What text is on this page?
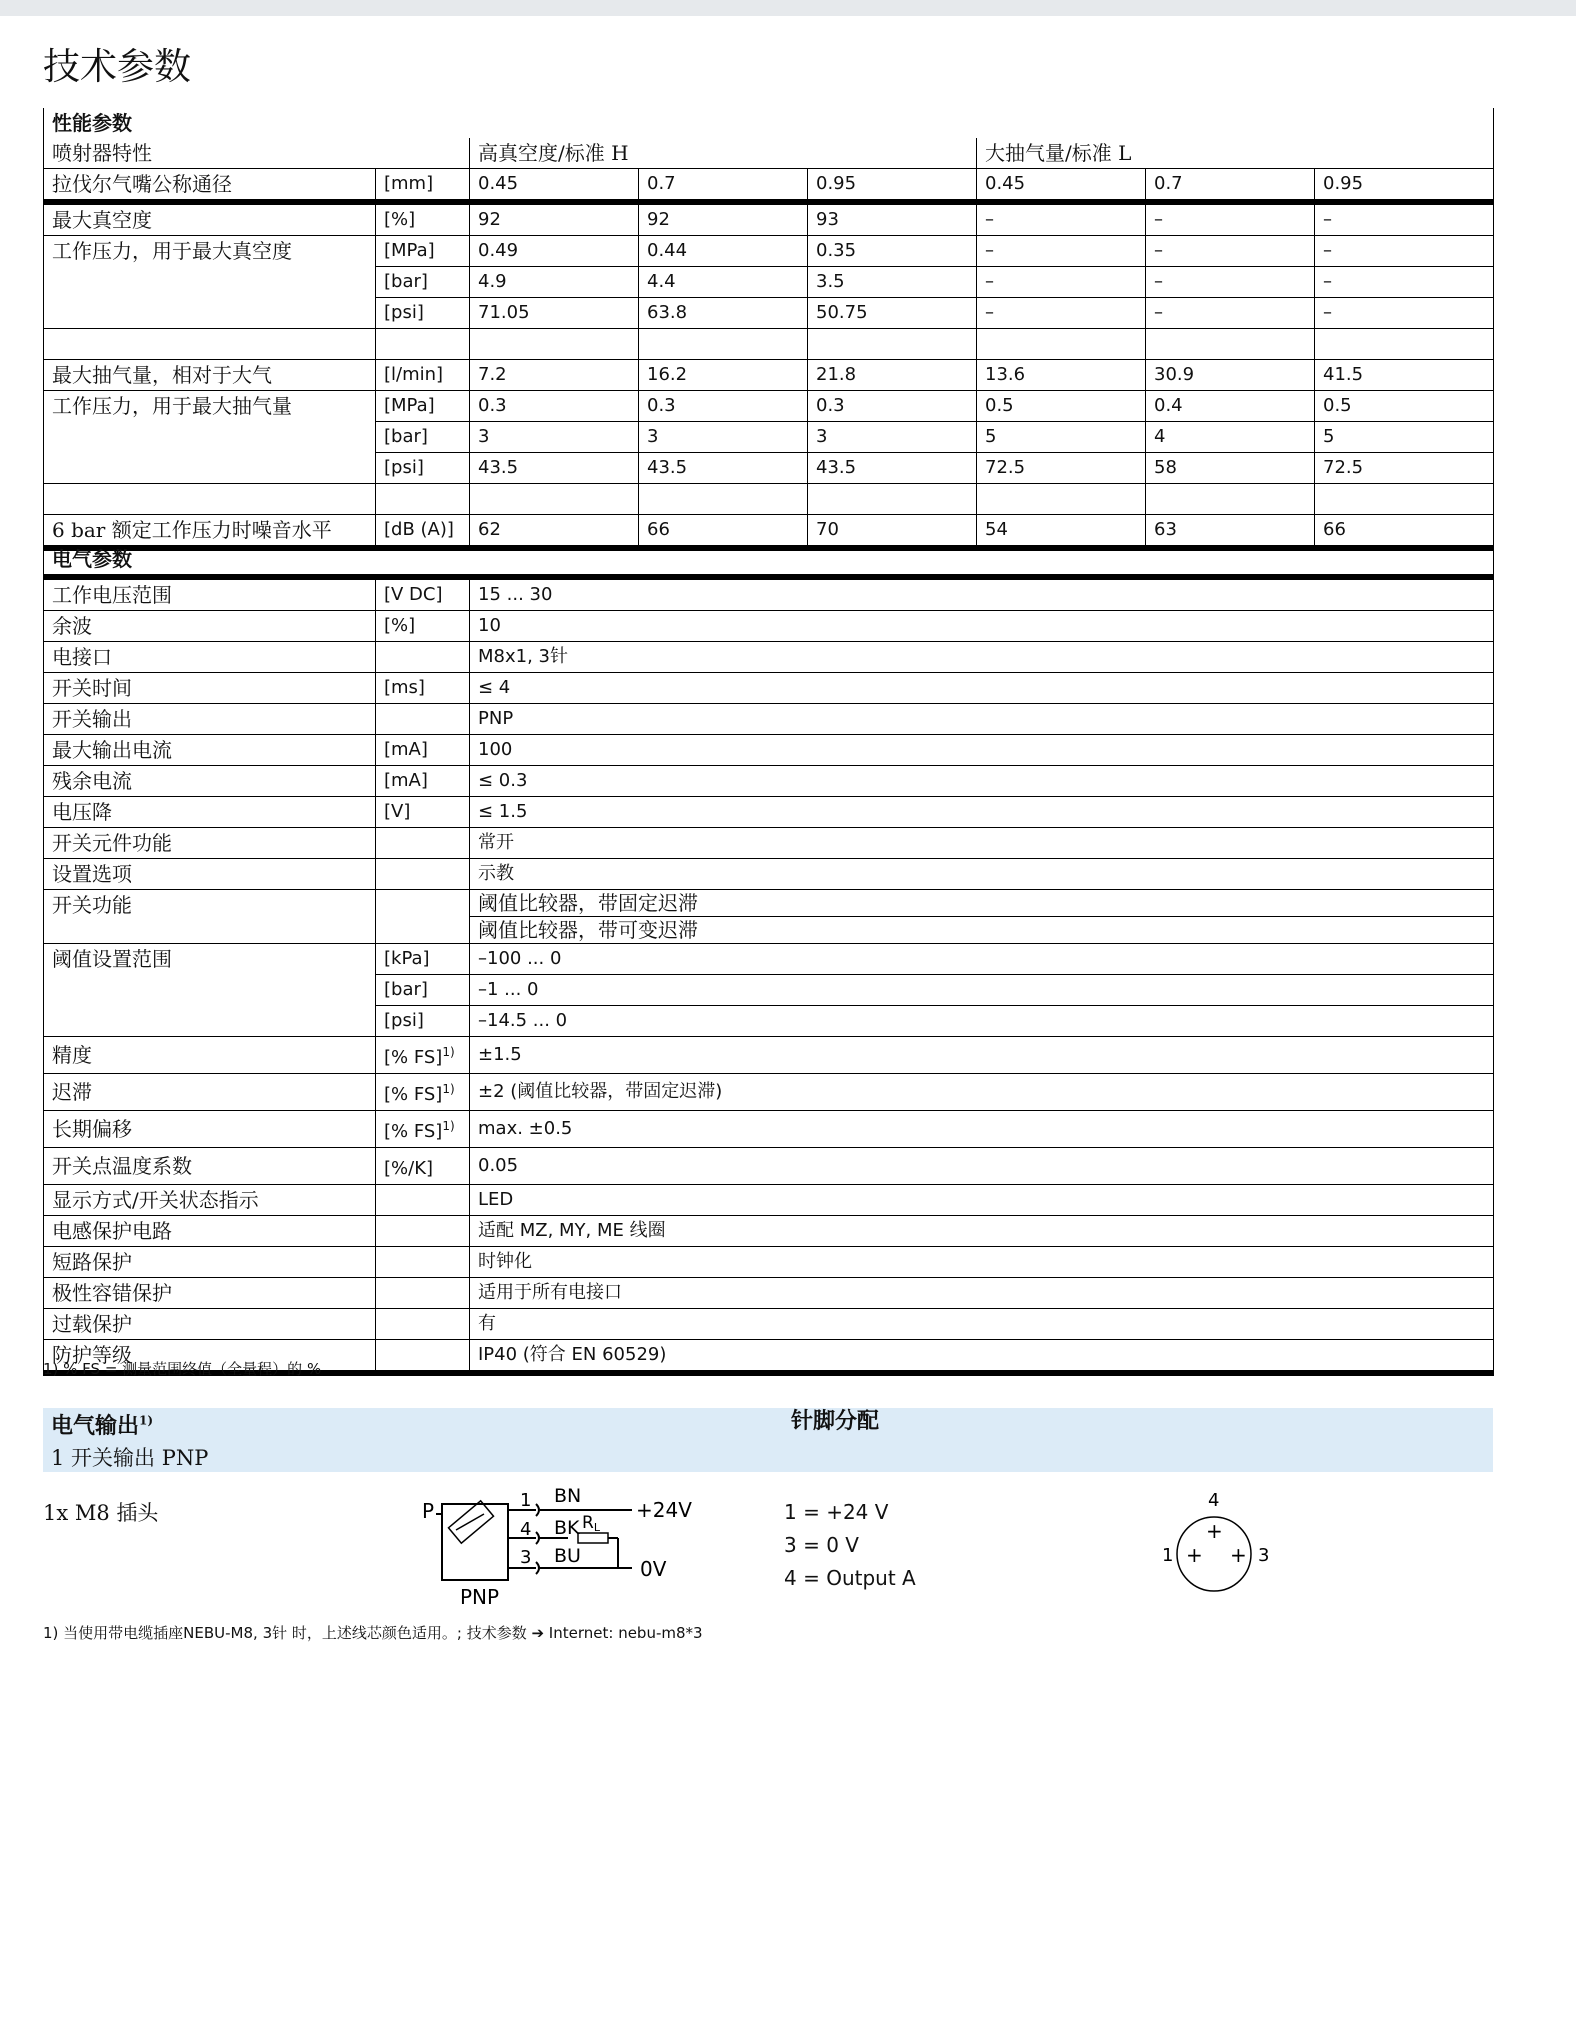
技术参数
性能参数							
喷射器特性		高真空度/标准 H			大抽气量/标准 L		
拉伐尔气嘴公称通径	[mm]	0.45	0.7	0.95	0.45	0.7	0.95
最大真空度	[%]	92	92	93	–	–	–
工作压力，用于最大真空度	[MPa]	0.49	0.44	0.35	–	–	–
	[bar]	4.9	4.4	3.5	–	–	–
	[psi]	71.05	63.8	50.75	–	–	–

最大抽气量，相对于大气	[l/min]	7.2	16.2	21.8	13.6	30.9	41.5
工作压力，用于最大抽气量	[MPa]	0.3	0.3	0.3	0.5	0.4	0.5
	[bar]	3	3	3	5	4	5
	[psi]	43.5	43.5	43.5	72.5	58	72.5

6 bar 额定工作压力时噪音水平	[dB (A)]	62	66	70	54	63	66
电气参数		
工作电压范围	[V DC]	15 ... 30
余波	[%]	10
电接口		M8x1, 3针
开关时间	[ms]	≤ 4
开关输出		PNP
最大输出电流	[mA]	100
残余电流	[mA]	≤ 0.3
电压降	[V]	≤ 1.5
开关元件功能		常开
设置选项		示教
开关功能		阈值比较器，带固定迟滞
		阈值比较器，带可变迟滞
阈值设置范围	[kPa]	–100 ... 0
	[bar]	–1 ... 0
	[psi]	–14.5 ... 0
精度	[% FS]$^{1)}$	±1.5
迟滞	[% FS]$^{1)}$	±2 (阈值比较器，带固定迟滞)
长期偏移	[% FS]$^{1)}$	max. ±0.5
开关点温度系数	[%/K]	0.05
显示方式/开关状态指示		LED
电感保护电路		适配 MZ, MY, ME 线圈
短路保护		时钟化
极性容错保护		适用于所有电接口
过载保护		有
防护等级		IP40 (符合 EN 60529)
1) % FS = 测量范围终值（全量程）的 %
电气输出$^{1)}$	针脚分配
1 开关输出 PNP
1x M8 插头	P
PNP
1
4
3
BN
BK
BU
RL
+24V
0V
1 = +24 V
3 = 0 V
4 = Output A
4
1	3
+
+ +
1) 当使用带电缆插座NEBU-M8, 3针 时，上述线芯颜色适用。; 技术参数 ➔ Internet: nebu-m8*3
